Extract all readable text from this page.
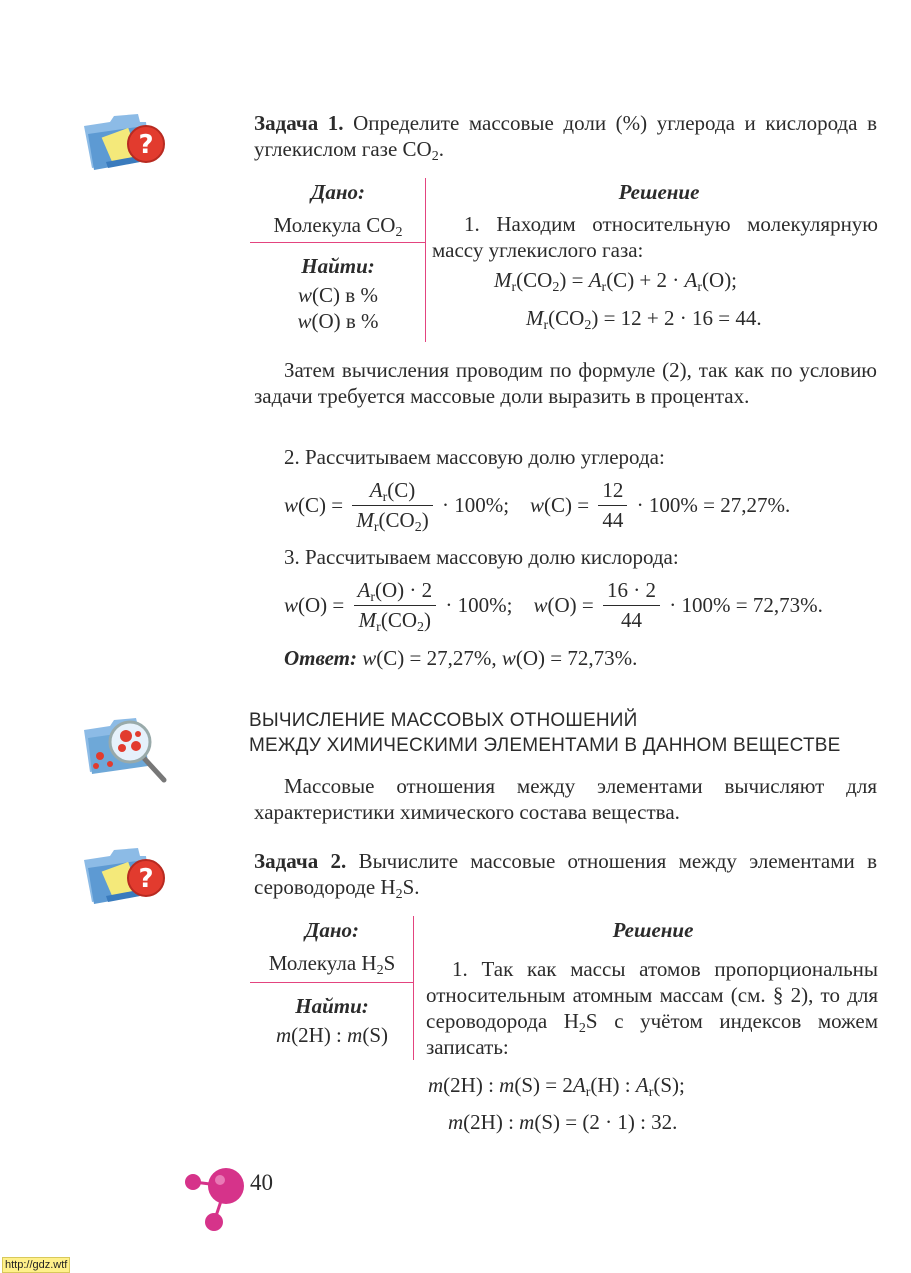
?
Задача 1. Определите массовые доли (%) углерода и кислорода в углекислом газе $CO_2$.
Дано:
Молекула $CO_2$
Найти:
w(C) в %
w(O) в %
Решение
1. Находим относительную молекулярную массу углекислого газа:
$M_r(CO_2) = A_r(C) + 2 \cdot A_r(O)$;
$M_r(CO_2) = 12 + 2 \cdot 16 = 44$.
Затем вычисления проводим по формуле (2), так как по условию задачи требуется массовые доли выразить в процентах.
2. Рассчитываем массовую долю углерода:
$w(C) = \frac{A_r(C)}{M_r(CO_2)} \cdot 100\%$;    $w(C) = \frac{12}{44} \cdot 100\% = 27,27\%$.
3. Рассчитываем массовую долю кислорода:
$w(O) = \frac{A_r(O) \cdot 2}{M_r(CO_2)} \cdot 100\%$;    $w(O) = \frac{16 \cdot 2}{44} \cdot 100\% = 72,73\%$.
Ответ: w(C) = 27,27%, w(O) = 72,73%.
ВЫЧИСЛЕНИЕ МАССОВЫХ ОТНОШЕНИЙ
МЕЖДУ ХИМИЧЕСКИМИ ЭЛЕМЕНТАМИ В ДАННОМ ВЕЩЕСТВЕ
Массовые отношения между элементами вычисляют для характеристики химического состава вещества.
?
Задача 2. Вычислите массовые отношения между элементами в сероводороде $H_2S$.
Дано:
Молекула $H_2S$
Найти:
m(2H) : m(S)
Решение
1. Так как массы атомов пропорциональны относительным атомным массам (см. § 2), то для сероводорода $H_2S$ с учётом индексов можем записать:
m(2H) : $m(S) = 2A_r(H)$ : $A_r(S)$;
m(2H) : m(S) = (2 · 1) : 32.
40
http://gdz.wtf
